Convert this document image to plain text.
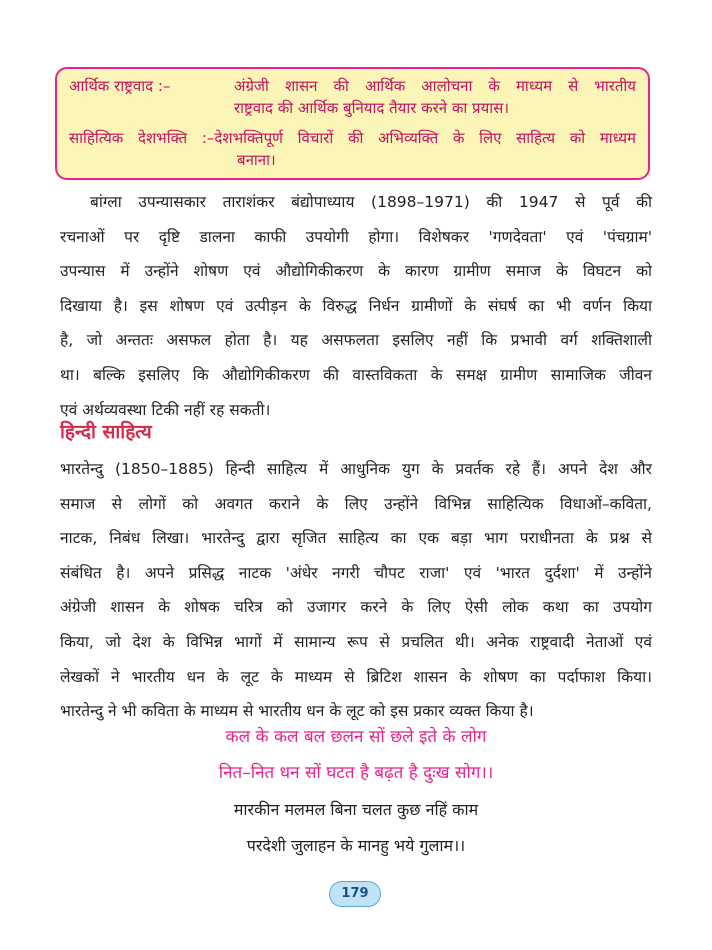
आर्थिक राष्ट्रवाद :–	अंग्रेजी शासन की आर्थिक आलोचना के माध्यम से भारतीय
राष्ट्रवाद की आर्थिक बुनियाद तैयार करने का प्रयास।
साहित्यिक देशभक्ति :–देशभक्तिपूर्ण विचारों की अभिव्यक्ति के लिए साहित्य को माध्यम
बनाना।
बांग्ला उपन्यासकार ताराशंकर बंद्योपाध्याय (1898–1971) की 1947 से पूर्व की
रचनाओं पर दृष्टि डालना काफी उपयोगी होगा। विशेषकर 'गणदेवता' एवं 'पंचग्राम'
उपन्यास में उन्होंने शोषण एवं औद्योगिकीकरण के कारण ग्रामीण समाज के विघटन को
दिखाया है। इस शोषण एवं उत्पीड़न के विरुद्ध निर्धन ग्रामीणों के संघर्ष का भी वर्णन किया
है, जो अन्ततः असफल होता है। यह असफलता इसलिए नहीं कि प्रभावी वर्ग शक्तिशाली
था। बल्कि इसलिए कि औद्योगिकीकरण की वास्तविकता के समक्ष ग्रामीण सामाजिक जीवन
एवं अर्थव्यवस्था टिकी नहीं रह सकती।
हिन्दी साहित्य
भारतेन्दु (1850–1885) हिन्दी साहित्य में आधुनिक युग के प्रवर्तक रहे हैं। अपने देश और
समाज से लोगों को अवगत कराने के लिए उन्होंने विभिन्न साहित्यिक विधाओं–कविता,
नाटक, निबंध लिखा। भारतेन्दु द्वारा सृजित साहित्य का एक बड़ा भाग पराधीनता के प्रश्न से
संबंधित है। अपने प्रसिद्ध नाटक 'अंधेर नगरी चौपट राजा' एवं 'भारत दुर्दशा' में उन्होंने
अंग्रेजी शासन के शोषक चरित्र को उजागर करने के लिए ऐसी लोक कथा का उपयोग
किया, जो देश के विभिन्न भागों में सामान्य रूप से प्रचलित थी। अनेक राष्ट्रवादी नेताओं एवं
लेखकों ने भारतीय धन के लूट के माध्यम से ब्रिटिश शासन के शोषण का पर्दाफाश किया।
भारतेन्दु ने भी कविता के माध्यम से भारतीय धन के लूट को इस प्रकार व्यक्त किया है।
कल के कल बल छलन सों छले इते के लोग
नित–नित धन सों घटत है बढ़त है दुःख सोग।।
मारकीन मलमल बिना चलत कुछ नहिं काम
परदेशी जुलाहन के मानहु भये गुलाम।।
179
